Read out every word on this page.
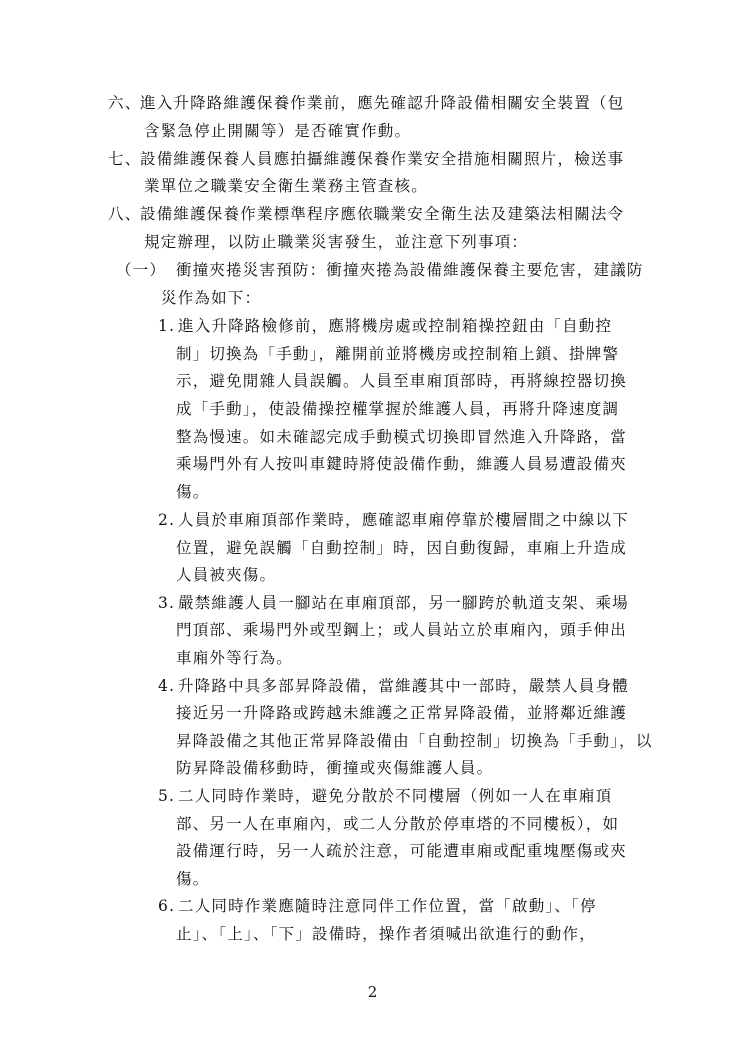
六、
進入升降路維護保養作業前，應先確認升降設備相關安全裝置（包
含緊急停止開關等）是否確實作動。
七、
設備維護保養人員應拍攝維護保養作業安全措施相關照片，檢送事
業單位之職業安全衛生業務主管查核。
八、
設備維護保養作業標準程序應依職業安全衛生法及建築法相關法令
規定辦理，以防止職業災害發生，並注意下列事項：
（一） 衝撞夾捲災害預防：衝撞夾捲為設備維護保養主要危害，建議防
災作為如下：
1. 進入升降路檢修前，應將機房處或控制箱操控鈕由「自動控
制」切換為「手動」，離開前並將機房或控制箱上鎖、掛牌警
示，避免閒雜人員誤觸。人員至車廂頂部時，再將線控器切換
成「手動」，使設備操控權掌握於維護人員，再將升降速度調
整為慢速。如未確認完成手動模式切換即冒然進入升降路，當
乘場門外有人按叫車鍵時將使設備作動，維護人員易遭設備夾
傷。
2. 人員於車廂頂部作業時，應確認車廂停靠於樓層間之中線以下
位置，避免誤觸「自動控制」時，因自動復歸，車廂上升造成
人員被夾傷。
3. 嚴禁維護人員一腳站在車廂頂部，另一腳跨於軌道支架、乘場
門頂部、乘場門外或型鋼上；或人員站立於車廂內，頭手伸出
車廂外等行為。
4. 升降路中具多部昇降設備，當維護其中一部時，嚴禁人員身體
接近另一升降路或跨越未維護之正常昇降設備，並將鄰近維護
昇降設備之其他正常昇降設備由「自動控制」切換為「手動」，以
防昇降設備移動時，衝撞或夾傷維護人員。
5. 二人同時作業時，避免分散於不同樓層（例如一人在車廂頂
部、另一人在車廂內，或二人分散於停車塔的不同樓板），如
設備運行時，另一人疏於注意，可能遭車廂或配重塊壓傷或夾
傷。
6. 二人同時作業應隨時注意同伴工作位置，當「啟動」、「停
止」、「上」、「下」設備時，操作者須喊出欲進行的動作，
2
